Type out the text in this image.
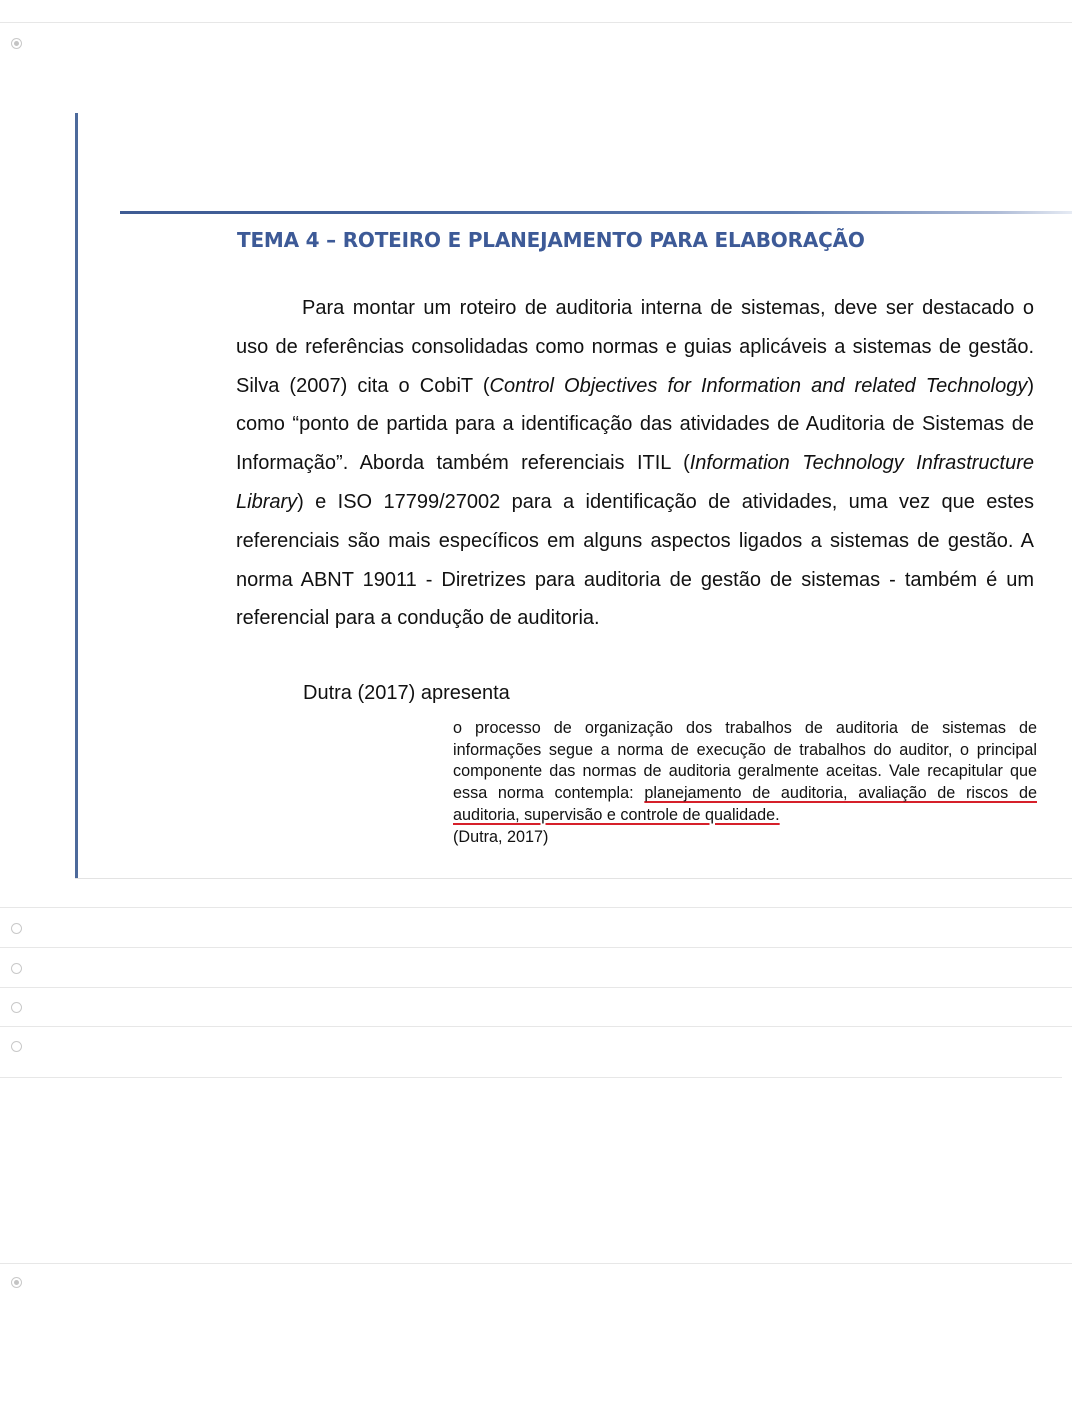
TEMA 4 – ROTEIRO E PLANEJAMENTO PARA ELABORAÇÃO

Para montar um roteiro de auditoria interna de sistemas, deve ser destacado o uso de referências consolidadas como normas e guias aplicáveis a sistemas de gestão. Silva (2007) cita o CobiT (Control Objectives for Information and related Technology) como “ponto de partida para a identificação das atividades de Auditoria de Sistemas de Informação”. Aborda também referenciais ITIL (Information Technology Infrastructure Library) e ISO 17799/27002 para a identificação de atividades, uma vez que estes referenciais são mais específicos em alguns aspectos ligados a sistemas de gestão. A norma ABNT 19011 - Diretrizes para auditoria de gestão de sistemas - também é um referencial para a condução de auditoria.

Dutra (2017) apresenta

o processo de organização dos trabalhos de auditoria de sistemas de informações segue a norma de execução de trabalhos do auditor, o principal componente das normas de auditoria geralmente aceitas. Vale recapitular que essa norma contempla: planejamento de auditoria, avaliação de riscos de auditoria, supervisão e controle de qualidade.
(Dutra, 2017)
